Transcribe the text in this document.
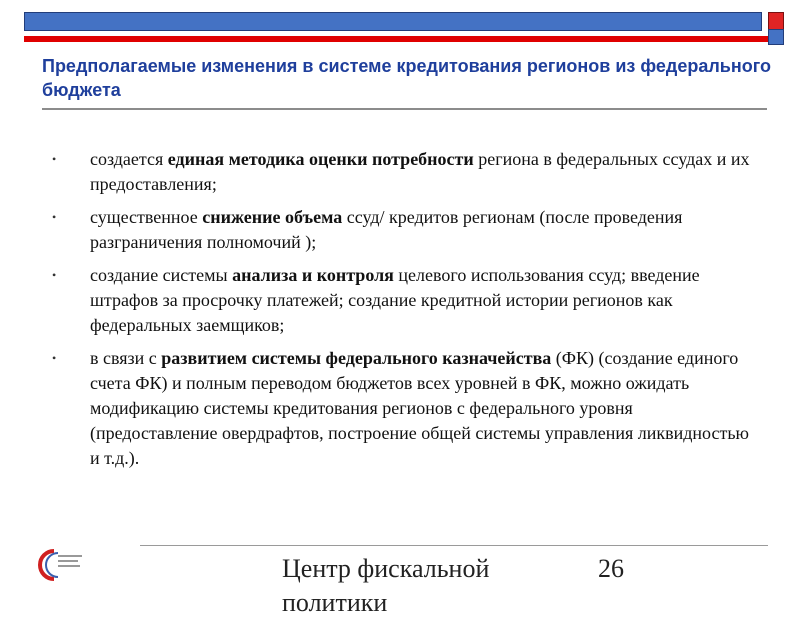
Предполагаемые изменения в системе кредитования регионов из федерального бюджета
• создается единая методика оценки потребности региона в федеральных ссудах и их предоставления;
• существенное снижение объема ссуд/ кредитов регионам (после проведения разграничения полномочий );
• создание системы анализа и контроля целевого использования ссуд; введение штрафов за просрочку платежей; создание кредитной истории регионов как федеральных заемщиков;
• в связи с развитием системы федерального казначейства (ФК) (создание единого счета ФК) и полным переводом бюджетов всех уровней в ФК, можно ожидать модификацию системы кредитования регионов с федерального уровня (предоставление овердрафтов, построение общей системы управления ликвидностью и т.д.).
Центр фискальной политики
26
